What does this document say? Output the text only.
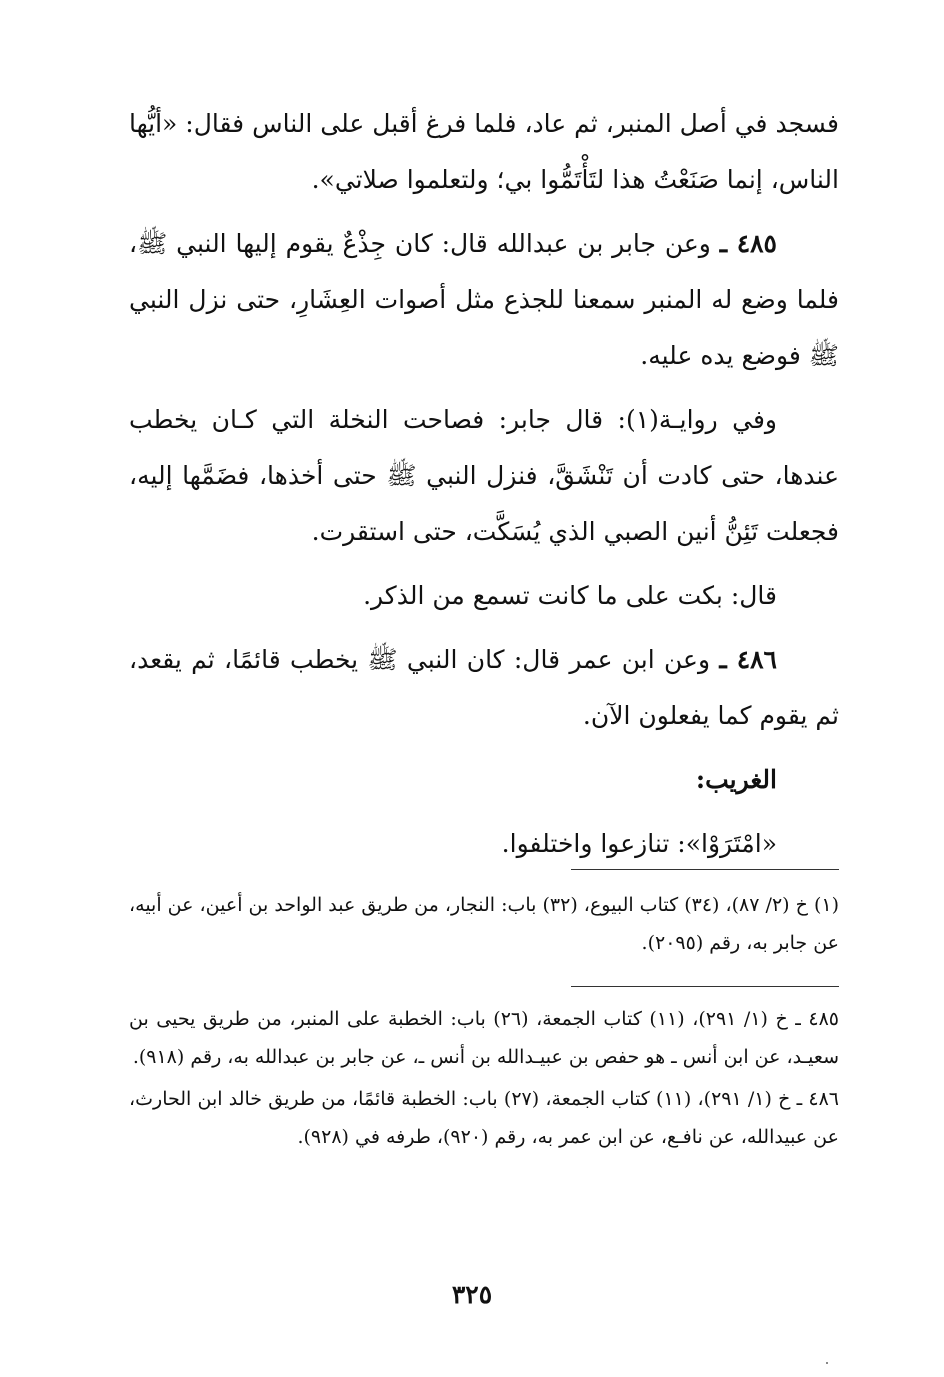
فسجد في أصل المنبر، ثم عاد، فلما فرغ أقبل على الناس فقال: «أيُّها الناس، إنما صَنَعْتُ هذا لتَأْتَمُّوا بي؛ ولتعلموا صلاتي».

٤٨٥ ـ وعن جابر بن عبدالله قال: كان جِذْعٌ يقوم إليها النبي ﷺ، فلما وضع له المنبر سمعنا للجذع مثل أصوات العِشَارِ، حتى نزل النبي ﷺ فوضع يده عليه.

وفي روايـة(١): قال جابر: فصاحت النخلة التي كـان يخطب عندها، حتى كادت أن تَنْشَقَّ، فنزل النبي ﷺ حتى أخذها، فضَمَّها إليه، فجعلت تَئِنُّ أنين الصبي الذي يُسَكَّت، حتى استقرت.

قال: بكت على ما كانت تسمع من الذكر.

٤٨٦ ـ وعن ابن عمر قال: كان النبي ﷺ يخطب قائمًا، ثم يقعد، ثم يقوم كما يفعلون الآن.

الغريب:

«امْتَرَوْا»: تنازعوا واختلفوا.

(١) خ (٢/ ٨٧)، (٣٤) كتاب البيوع، (٣٢) باب: النجار، من طريق عبد الواحد بن أعين، عن أبيه، عن جابر به، رقم (٢٠٩٥).

٤٨٥ ـ خ (١/ ٢٩١)، (١١) كتاب الجمعة، (٢٦) باب: الخطبة على المنبر، من طريق يحيى بن سعيـد، عن ابن أنس ـ هو حفص بن عبيـدالله بن أنس ـ، عن جابر بن عبدالله به، رقم (٩١٨).

٤٨٦ ـ خ (١/ ٢٩١)، (١١) كتاب الجمعة، (٢٧) باب: الخطبة قائمًا، من طريق خالد ابن الحارث، عن عبيدالله، عن نافـع، عن ابن عمر به، رقم (٩٢٠)، طرفه في (٩٢٨).

٣٢٥
